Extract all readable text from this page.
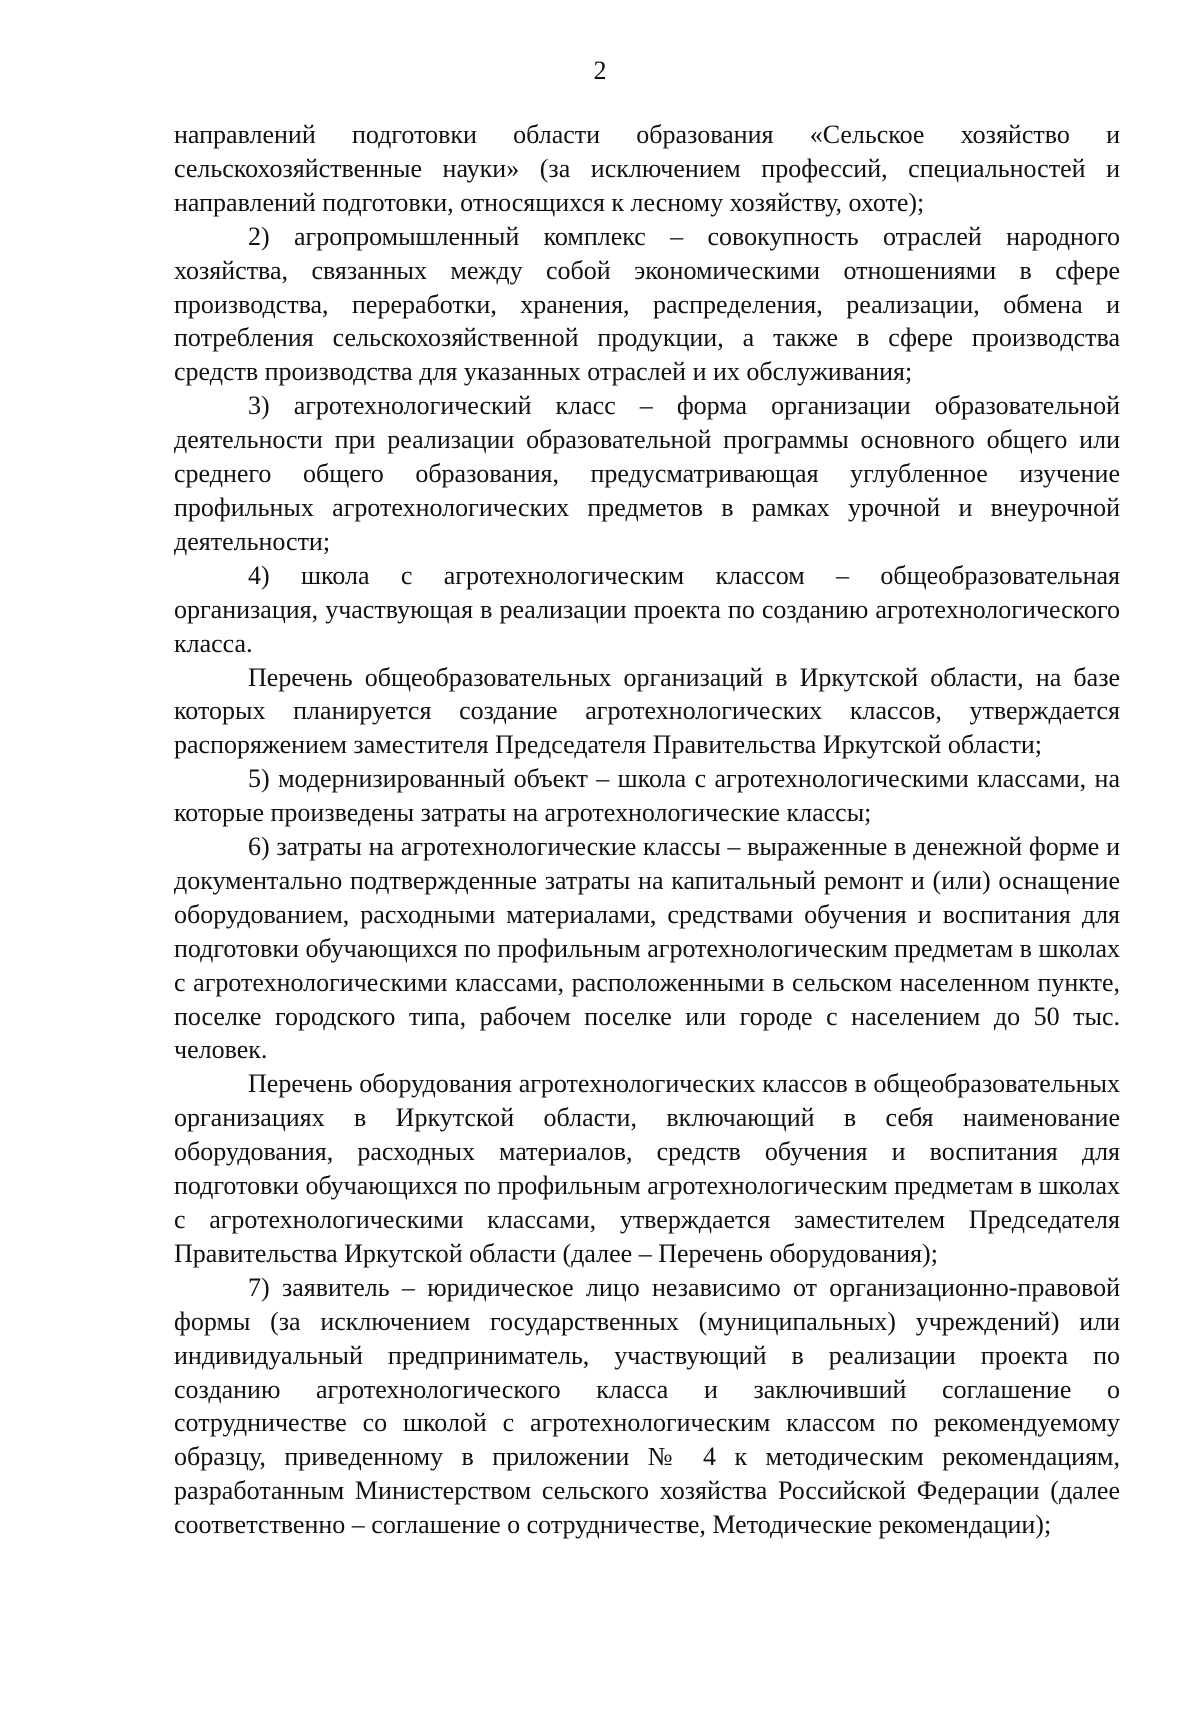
2

направлений подготовки области образования «Сельское хозяйство и сельскохозяйственные науки» (за исключением профессий, специальностей и направлений подготовки, относящихся к лесному хозяйству, охоте);

2) агропромышленный комплекс – совокупность отраслей народного хозяйства, связанных между собой экономическими отношениями в сфере производства, переработки, хранения, распределения, реализации, обмена и потребления сельскохозяйственной продукции, а также в сфере производства средств производства для указанных отраслей и их обслуживания;

3) агротехнологический класс – форма организации образовательной деятельности при реализации образовательной программы основного общего или среднего общего образования, предусматривающая углубленное изучение профильных агротехнологических предметов в рамках урочной и внеурочной деятельности;

4) школа с агротехнологическим классом – общеобразовательная организация, участвующая в реализации проекта по созданию агротехнологического класса.

Перечень общеобразовательных организаций в Иркутской области, на базе которых планируется создание агротехнологических классов, утверждается распоряжением заместителя Председателя Правительства Иркутской области;

5) модернизированный объект – школа с агротехнологическими классами, на которые произведены затраты на агротехнологические классы;

6) затраты на агротехнологические классы – выраженные в денежной форме и документально подтвержденные затраты на капитальный ремонт и (или) оснащение оборудованием, расходными материалами, средствами обучения и воспитания для подготовки обучающихся по профильным агротехнологическим предметам в школах с агротехнологическими классами, расположенными в сельском населенном пункте, поселке городского типа, рабочем поселке или городе с населением до 50 тыс. человек.

Перечень оборудования агротехнологических классов в общеобразовательных организациях в Иркутской области, включающий в себя наименование оборудования, расходных материалов, средств обучения и воспитания для подготовки обучающихся по профильным агротехнологическим предметам в школах с агротехнологическими классами, утверждается заместителем Председателя Правительства Иркутской области (далее – Перечень оборудования);

7) заявитель – юридическое лицо независимо от организационно-правовой формы (за исключением государственных (муниципальных) учреждений) или индивидуальный предприниматель, участвующий в реализации проекта по созданию агротехнологического класса и заключивший соглашение о сотрудничестве со школой с агротехнологическим классом по рекомендуемому образцу, приведенному в приложении № 4 к методическим рекомендациям, разработанным Министерством сельского хозяйства Российской Федерации (далее соответственно – соглашение о сотрудничестве, Методические рекомендации);
